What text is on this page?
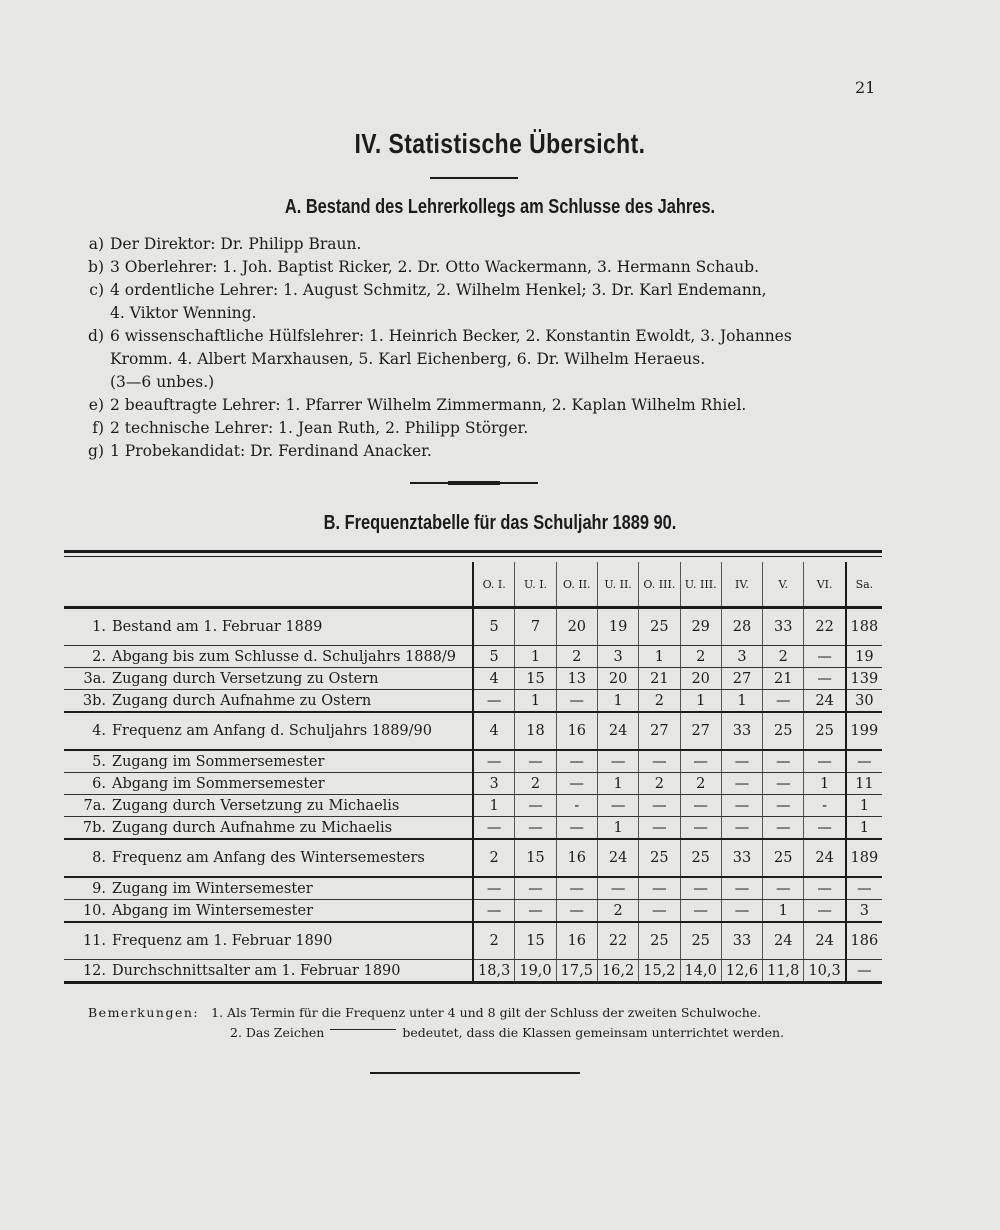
21
IV. Statistische Übersicht.
A. Bestand des Lehrerkollegs am Schlusse des Jahres.
a) Der Direktor: Dr. Philipp Braun.
b) 3 Oberlehrer: 1. Joh. Baptist Ricker, 2. Dr. Otto Wackermann, 3. Hermann Schaub.
c) 4 ordentliche Lehrer: 1. August Schmitz, 2. Wilhelm Henkel; 3. Dr. Karl Endemann,
4. Viktor Wenning.
d) 6 wissenschaftliche Hülfslehrer: 1. Heinrich Becker, 2. Konstantin Ewoldt, 3. Johannes
Kromm. 4. Albert Marxhausen, 5. Karl Eichenberg, 6. Dr. Wilhelm Heraeus.
(3—6 unbes.)
e) 2 beauftragte Lehrer: 1. Pfarrer Wilhelm Zimmermann, 2. Kaplan Wilhelm Rhiel.
f) 2 technische Lehrer: 1. Jean Ruth, 2. Philipp Störger.
g) 1 Probekandidat: Dr. Ferdinand Anacker.
B. Frequenztabelle für das Schuljahr 1889 90.
	O. I.	U. I.	O. II.	U. II.	O. III.	U. III.	IV.	V.	VI.	Sa.
1. Bestand am 1. Februar 1889	5	7	20	19	25	29	28	33	22	188
2. Abgang bis zum Schlusse d. Schuljahrs 1888/9	5	1	2	3	1	2	3	2	—	19
3a. Zugang durch Versetzung zu Ostern	4	15	13	20	21	20	27	21	—	139
3b. Zugang durch Aufnahme zu Ostern	—	1	—	1	2	1	1	—	24	30
4. Frequenz am Anfang d. Schuljahrs 1889/90	4	18	16	24	27	27	33	25	25	199
5. Zugang im Sommersemester	—	—	—	—	—	—	—	—	—	—
6. Abgang im Sommersemester	3	2	—	1	2	2	—	—	1	11
7a. Zugang durch Versetzung zu Michaelis	1	—	-	—	—	—	—	—	-	1
7b. Zugang durch Aufnahme zu Michaelis	—	—	—	1	—	—	—	—	—	1
8. Frequenz am Anfang des Wintersemesters	2	15	16	24	25	25	33	25	24	189
9. Zugang im Wintersemester	—	—	—	—	—	—	—	—	—	—
10. Abgang im Wintersemester	—	—	—	2	—	—	—	1	—	3
11. Frequenz am 1. Februar 1890	2	15	16	22	25	25	33	24	24	186
12. Durchschnittsalter am 1. Februar 1890	18,3	19,0	17,5	16,2	15,2	14,0	12,6	11,8	10,3	—
Bemerkungen: 1. Als Termin für die Frequenz unter 4 und 8 gilt der Schluss der zweiten Schulwoche.
2. Das Zeichen	bedeutet, dass die Klassen gemeinsam unterrichtet werden.
